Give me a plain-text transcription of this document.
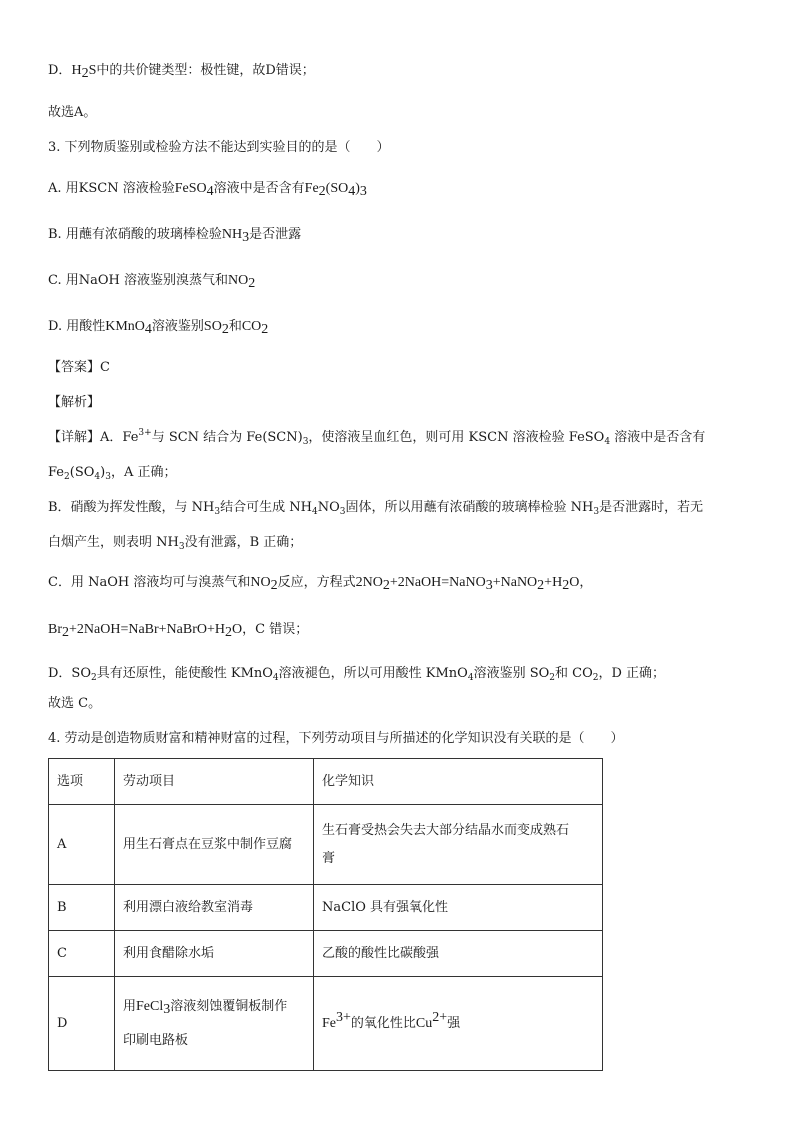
D．$H_2S$中的共价键类型：极性键，故D错误；
故选A。
3. 下列物质鉴别或检验方法不能达到实验目的的是（　　）
A. 用KSCN 溶液检验FeSO$_4$溶液中是否含有$Fe_2(SO_4)_3$
B. 用蘸有浓硝酸的玻璃棒检验$NH_3$是否泄露
C. 用NaOH 溶液鉴别溴蒸气和$NO_2$
D. 用酸性KMnO$_4$溶液鉴别$SO_2$和$CO_2$
【答案】C
【解析】
【详解】A．$Fe^{3+}$与 SCN 结合为 $Fe(SCN)_3$，使溶液呈血红色，则可用 KSCN 溶液检验 FeSO$_4$ 溶液中是否含有
$Fe_2(SO_4)_3$，A 正确；
B．硝酸为挥发性酸，与 $NH_3$结合可生成 $NH_4NO_3$固体，所以用蘸有浓硝酸的玻璃棒检验 $NH_3$是否泄露时，若无
白烟产生，则表明 $NH_3$没有泄露，B 正确；
C．用 NaOH 溶液均可与溴蒸气和$NO_2$反应，方程式$2NO_2+2NaOH=NaNO_3+NaNO_2+H_2O$，
$Br_2+2NaOH=NaBr+NaBrO+H_2O$，C 错误；
D．$SO_2$具有还原性，能使酸性 KMnO$_4$溶液褪色，所以可用酸性 KMnO$_4$溶液鉴别 $SO_2$和 $CO_2$，D 正确；
故选 C。
4. 劳动是创造物质财富和精神财富的过程，下列劳动项目与所描述的化学知识没有关联的是（　　）
选项	劳动项目	化学知识
A	用生石膏点在豆浆中制作豆腐	生石膏受热会失去大部分结晶水而变成熟石
膏

B	利用漂白液给教室消毒	NaClO 具有强氧化性
C	利用食醋除水垢	乙酸的酸性比碳酸强
D	用FeCl$_3$溶液刻蚀覆铜板制作
印刷电路板	$Fe^{3+}$的氧化性比$Cu^{2+}$强
